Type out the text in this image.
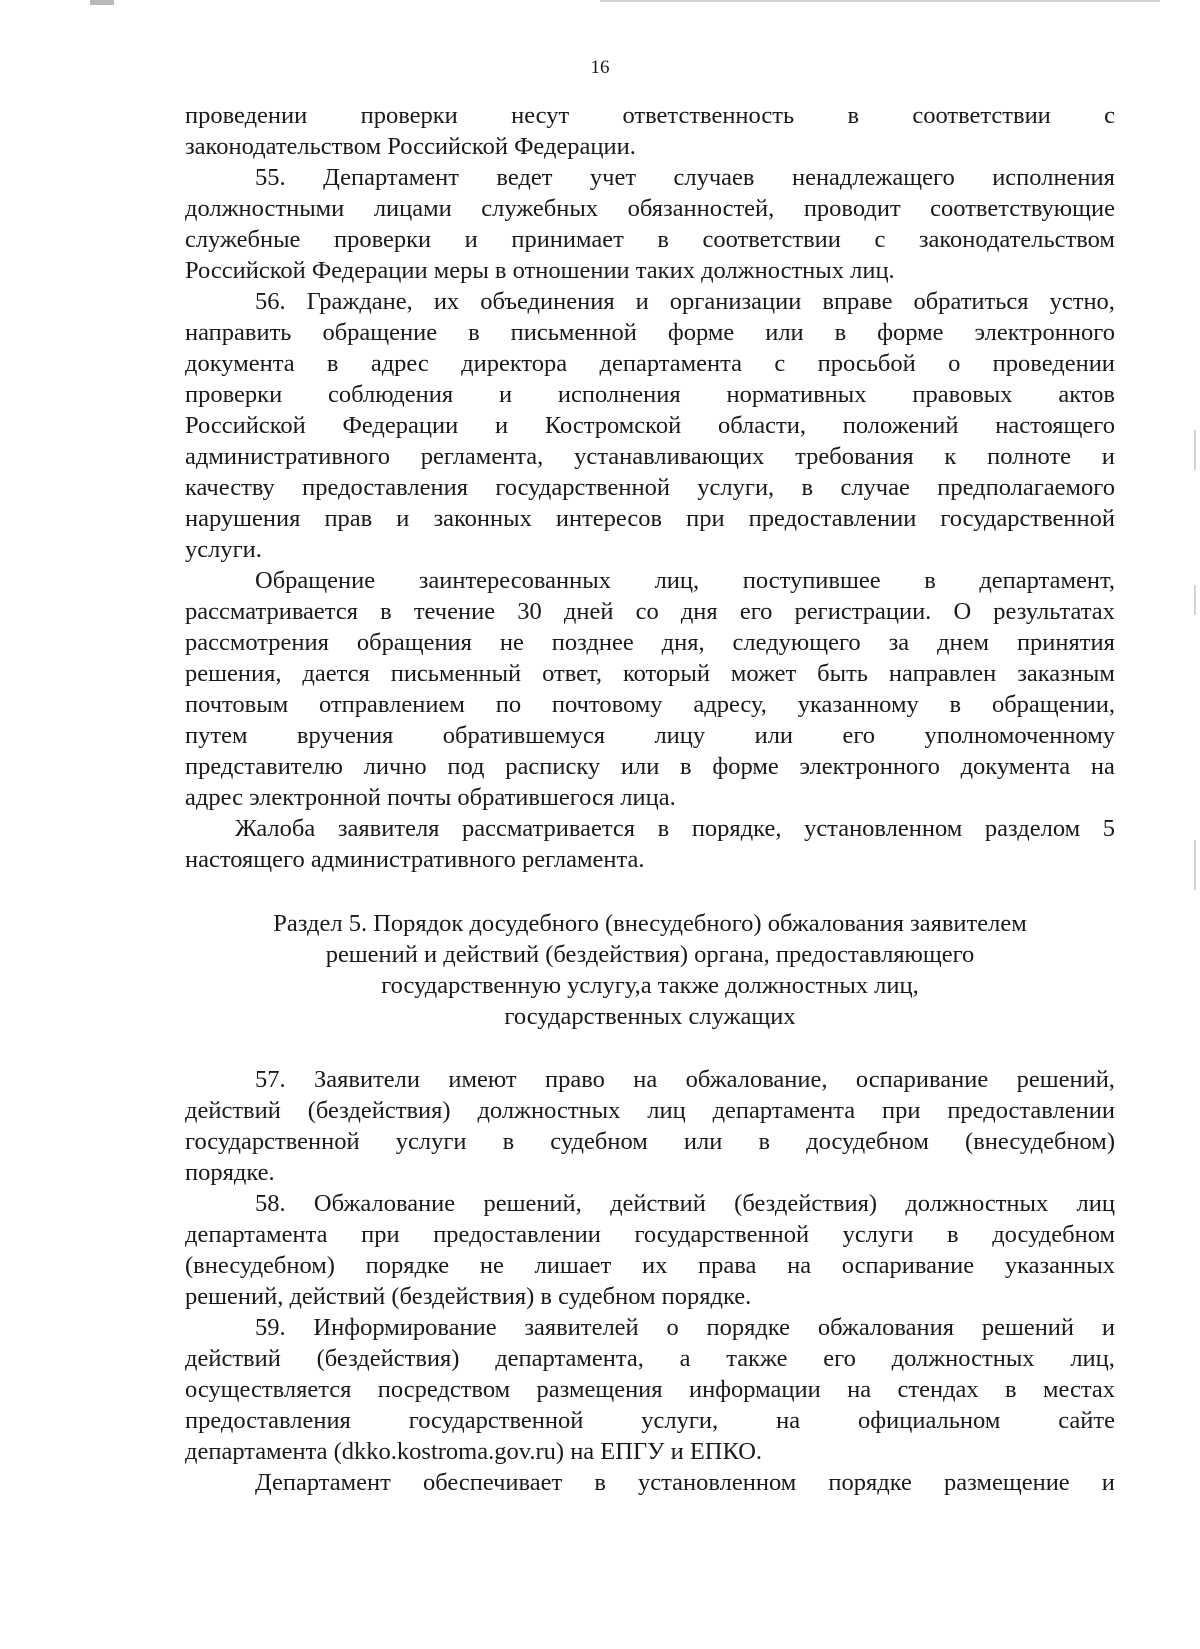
16
проведении проверки несут ответственность в соответствии с
законодательством Российской Федерации.
55. Департамент ведет учет случаев ненадлежащего исполнения
должностными лицами служебных обязанностей, проводит соответствующие
служебные проверки и принимает в соответствии с законодательством
Российской Федерации меры в отношении таких должностных лиц.
56. Граждане, их объединения и организации вправе обратиться устно,
направить обращение в письменной форме или в форме электронного
документа в адрес директора департамента с просьбой о проведении
проверки соблюдения и исполнения нормативных правовых актов
Российской Федерации и Костромской области, положений настоящего
административного регламента, устанавливающих требования к полноте и
качеству предоставления государственной услуги, в случае предполагаемого
нарушения прав и законных интересов при предоставлении государственной
услуги.
Обращение заинтересованных лиц, поступившее в департамент,
рассматривается в течение 30 дней со дня его регистрации. О результатах
рассмотрения обращения не позднее дня, следующего за днем принятия
решения, дается письменный ответ, который может быть направлен заказным
почтовым отправлением по почтовому адресу, указанному в обращении,
путем вручения обратившемуся лицу или его уполномоченному
представителю лично под расписку или в форме электронного документа на
адрес электронной почты обратившегося лица.
Жалоба заявителя рассматривается в порядке, установленном разделом 5
настоящего административного регламента.
Раздел 5. Порядок досудебного (внесудебного) обжалования заявителем
решений и действий (бездействия) органа, предоставляющего
государственную услугу,а также должностных лиц,
государственных служащих
57. Заявители имеют право на обжалование, оспаривание решений,
действий (бездействия) должностных лиц департамента при предоставлении
государственной услуги в судебном или в досудебном (внесудебном)
порядке.
58. Обжалование решений, действий (бездействия) должностных лиц
департамента при предоставлении государственной услуги в досудебном
(внесудебном) порядке не лишает их права на оспаривание указанных
решений, действий (бездействия) в судебном порядке.
59. Информирование заявителей о порядке обжалования решений и
действий (бездействия) департамента, а также его должностных лиц,
осуществляется посредством размещения информации на стендах в местах
предоставления государственной услуги, на официальном сайте
департамента (dkko.kostroma.gov.ru) на ЕПГУ и ЕПКО.
Департамент обеспечивает в установленном порядке размещение и
